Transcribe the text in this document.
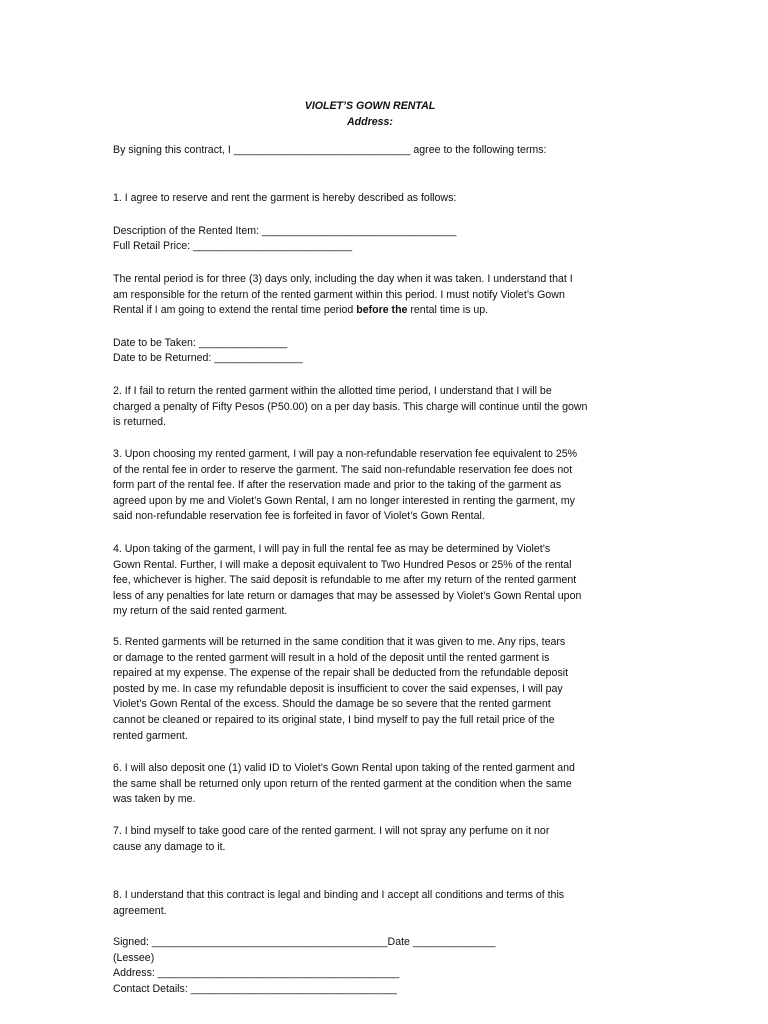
VIOLET’S GOWN RENTAL

Address:

By signing this contract, I ______________________________ agree to the following terms:

1. I agree to reserve and rent the garment is hereby described as follows:

Description of the Rented Item: _________________________________

Full Retail Price: ___________________________

The rental period is for three (3) days only, including the day when it was taken. I understand that I
am responsible for the return of the rented garment within this period. I must notify Violet’s Gown
Rental if I am going to extend the rental time period before the rental time is up.

Date to be Taken: _______________

Date to be Returned: _______________

2. If I fail to return the rented garment within the allotted time period, I understand that I will be
charged a penalty of Fifty Pesos (P50.00) on a per day basis. This charge will continue until the gown
is returned.
3. Upon choosing my rented garment, I will pay a non-refundable reservation fee equivalent to 25%
of the rental fee in order to reserve the garment. The said non-refundable reservation fee does not
form part of the rental fee. If after the reservation made and prior to the taking of the garment as
agreed upon by me and Violet’s Gown Rental, I am no longer interested in renting the garment, my
said non-refundable reservation fee is forfeited in favor of Violet’s Gown Rental.
4. Upon taking of the garment, I will pay in full the rental fee as may be determined by Violet’s
Gown Rental. Further, I will make a deposit equivalent to Two Hundred Pesos or 25% of the rental
fee, whichever is higher. The said deposit is refundable to me after my return of the rented garment
less of any penalties for late return or damages that may be assessed by Violet’s Gown Rental upon
my return of the said rented garment.
5. Rented garments will be returned in the same condition that it was given to me. Any rips, tears
or damage to the rented garment will result in a hold of the deposit until the rented garment is
repaired at my expense. The expense of the repair shall be deducted from the refundable deposit
posted by me. In case my refundable deposit is insufficient to cover the said expenses, I will pay
Violet’s Gown Rental of the excess. Should the damage be so severe that the rented garment
cannot be cleaned or repaired to its original state, I bind myself to pay the full retail price of the
rented garment.
6. I will also deposit one (1) valid ID to Violet’s Gown Rental upon taking of the rented garment and
the same shall be returned only upon return of the rented garment at the condition when the same
was taken by me.
7. I bind myself to take good care of the rented garment. I will not spray any perfume on it nor
cause any damage to it.
8. I understand that this contract is legal and binding and I accept all conditions and terms of this
agreement.

Signed: ________________________________________Date ______________

(Lessee)

Address: _________________________________________

Contact Details: ___________________________________
